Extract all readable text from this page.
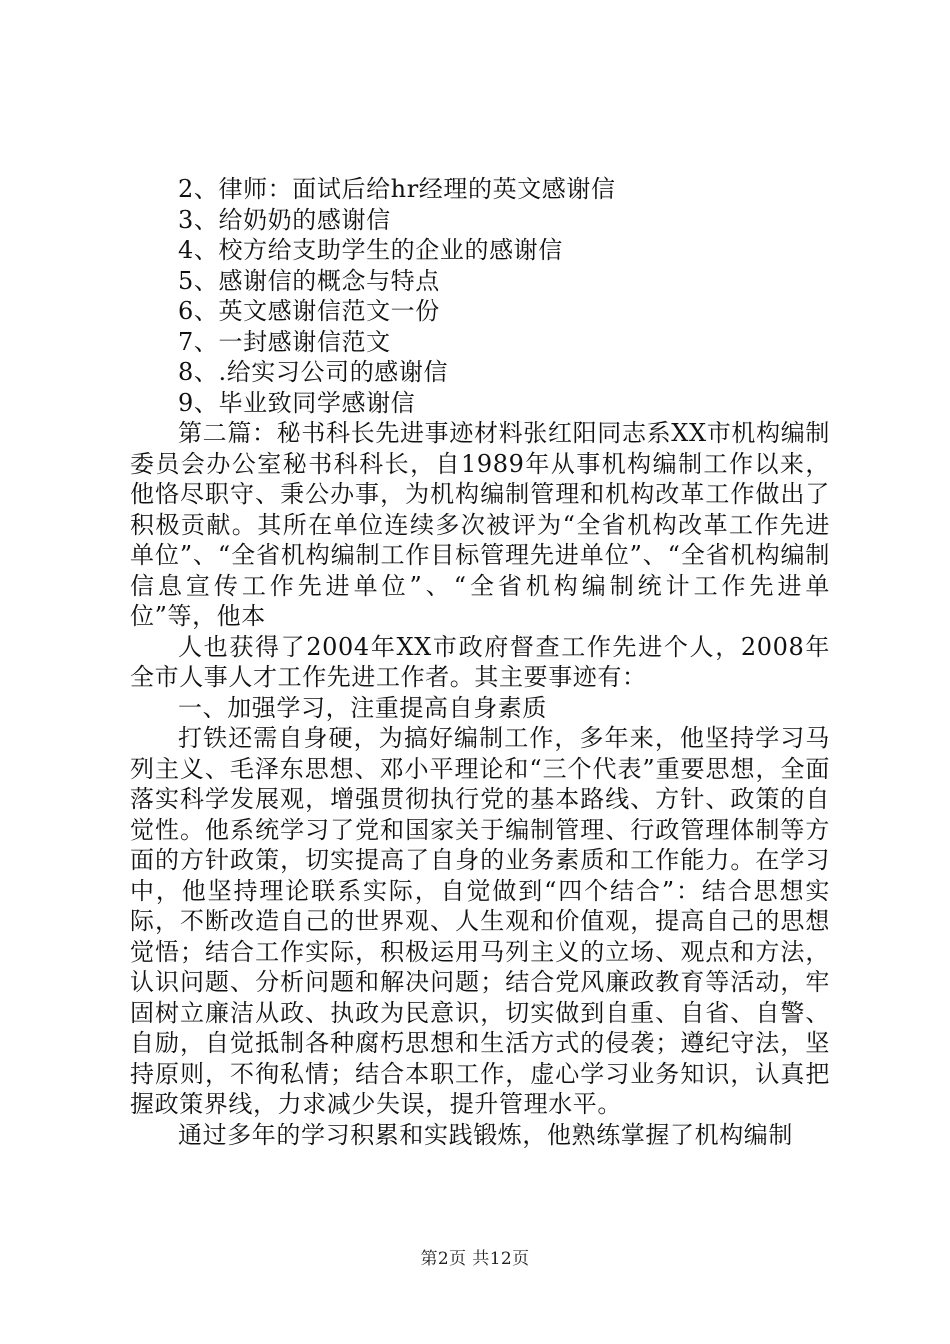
2、律师：面试后给hr经理的英文感谢信

3、给奶奶的感谢信

4、校方给支助学生的企业的感谢信

5、感谢信的概念与特点

6、英文感谢信范文一份

7、一封感谢信范文

8、.给实习公司的感谢信

9、毕业致同学感谢信

第二篇：秘书科长先进事迹材料张红阳同志系XX市机构编制委员会办公室秘书科科长，自1989年从事机构编制工作以来，他恪尽职守、秉公办事，为机构编制管理和机构改革工作做出了积极贡献。其所在单位连续多次被评为“全省机构改革工作先进单位”、“全省机构编制工作目标管理先进单位”、“全省机构编制信息宣传工作先进单位”、“全省机构编制统计工作先进单位”等，他本

人也获得了2004年XX市政府督查工作先进个人，2008年全市人事人才工作先进工作者。其主要事迹有：

一、加强学习，注重提高自身素质

打铁还需自身硬，为搞好编制工作，多年来，他坚持学习马列主义、毛泽东思想、邓小平理论和“三个代表”重要思想，全面落实科学发展观，增强贯彻执行党的基本路线、方针、政策的自觉性。他系统学习了党和国家关于编制管理、行政管理体制等方面的方针政策，切实提高了自身的业务素质和工作能力。在学习中，他坚持理论联系实际，自觉做到“四个结合”：结合思想实际，不断改造自己的世界观、人生观和价值观，提高自己的思想觉悟；结合工作实际，积极运用马列主义的立场、观点和方法，认识问题、分析问题和解决问题；结合党风廉政教育等活动，牢固树立廉洁从政、执政为民意识，切实做到自重、自省、自警、自励，自觉抵制各种腐朽思想和生活方式的侵袭；遵纪守法，坚持原则，不徇私情；结合本职工作，虚心学习业务知识，认真把握政策界线，力求减少失误，提升管理水平。

通过多年的学习积累和实践锻炼，他熟练掌握了机构编制

第2页 共12页
